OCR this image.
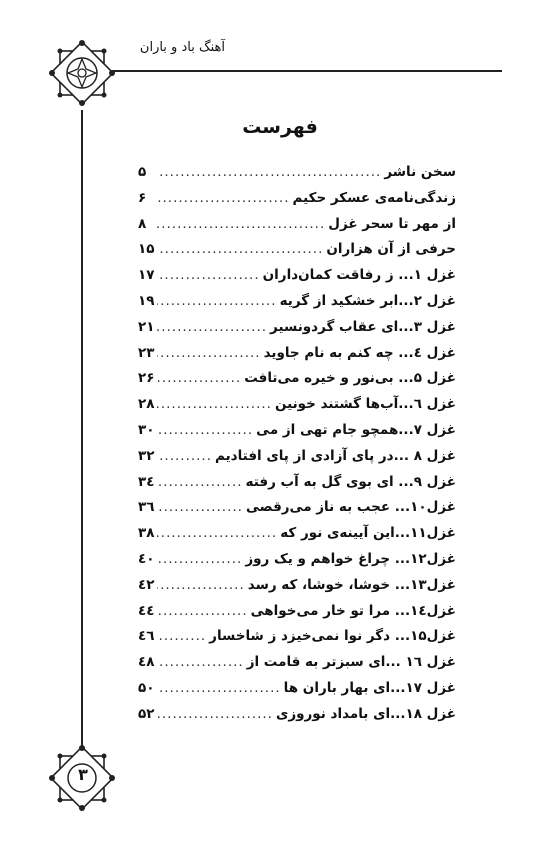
آهنگ باد و باران
فهرست
سخن ناشر
.....
۵
زندگی‌نامه‌ی عسکر حکیم
.....
۶
از مهر تا سحر غزل
.....
۸
حرفی از آن هزاران
.....
۱۵
غزل ۱... ز رفاقت کمان‌داران
.....
۱۷
غزل ۲...ابر خشکید از گریه
.....
۱۹
غزل ۳...ای عقاب گردونسیر
.....
۲۱
غزل ٤... چه کنم به نام جاوید
.....
۲۳
غزل ۵... بی‌نور و خیره می‌تافت
.....
۲۶
غزل ٦...آب‌ها گشتند خونین
.....
۲۸
غزل ۷...همچو جام تهی از می
.....
۳۰
غزل ۸ ...در پای آزادی از پای افتادیم
.....
۳۲
غزل ۹... ای بوی گل به آب رفته
.....
۳٤
غزل۱۰... عجب به ناز می‌رقصی
.....
۳٦
غزل۱۱...این آیینه‌ی نور که
.....
۳۸
غزل۱۲... چراغ خواهم و یک روز
.....
٤٠
غزل۱۳... خوشا، خوشا، که رسد
.....
٤۲
غزل۱٤... مرا تو خار می‌خواهی
.....
٤٤
غزل۱۵... دگر نوا نمی‌خیزد ز شاخسار
.....
٤٦
غزل ۱٦ ...ای سبزتر به قامت از
.....
٤۸
غزل ۱۷...ای بهار باران ها
.....
۵۰
غزل ۱۸...ای بامداد نوروزی
.....
۵۲
۳
